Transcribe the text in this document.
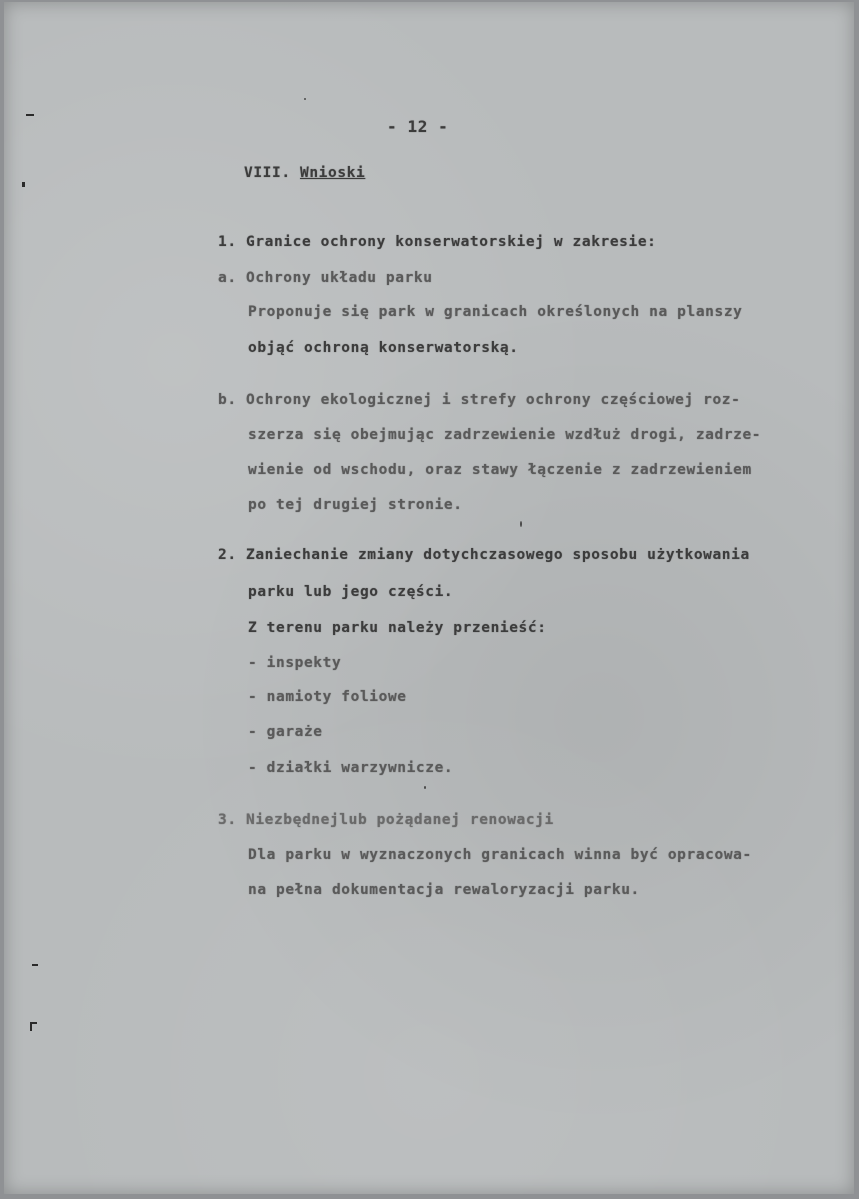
- 12 -
VIII. Wnioski
1. Granice ochrony konserwatorskiej w zakresie:
a. Ochrony układu parku
Proponuje się park w granicach określonych na planszy
objąć ochroną konserwatorską.
b. Ochrony ekologicznej i strefy ochrony częściowej roz-
szerza się obejmując zadrzewienie wzdłuż drogi, zadrze-
wienie od wschodu, oraz stawy łączenie z zadrzewieniem
po tej drugiej stronie.
2. Zaniechanie zmiany dotychczasowego sposobu użytkowania
parku lub jego części.
Z terenu parku należy przenieść:
- inspekty
- namioty foliowe
- garaże
- działki warzywnicze.
3. Niezbędnejlub pożądanej renowacji
Dla parku w wyznaczonych granicach winna być opracowa-
na pełna dokumentacja rewaloryzacji parku.
